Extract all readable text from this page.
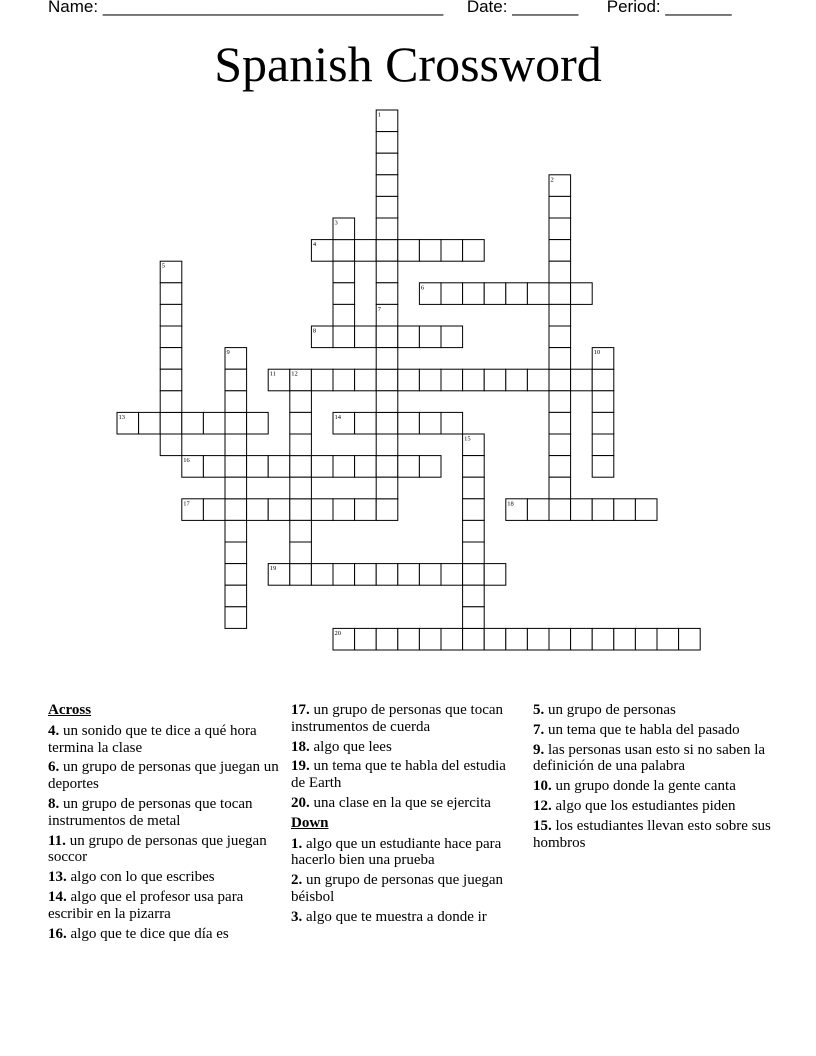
Name: ____________________________________ Date: _______ Period: _______
Spanish Crossword
4
6
8
11
13	14
16
17	18
19
20
1
2
3
5
7
9	10
12
15
Across
4. un sonido que te dice a qué hora termina la clase
6. un grupo de personas que juegan un deportes
8. un grupo de personas que tocan instrumentos de metal
11. un grupo de personas que juegan soccor
13. algo con lo que escribes
14. algo que el profesor usa para escribir en la pizarra
16. algo que te dice que día es
17. un grupo de personas que tocan instrumentos de cuerda
18. algo que lees
19. un tema que te habla del estudia de Earth
20. una clase en la que se ejercita
Down
1. algo que un estudiante hace para hacerlo bien una prueba
2. un grupo de personas que juegan béisbol
3. algo que te muestra a donde ir
5. un grupo de personas
7. un tema que te habla del pasado
9. las personas usan esto si no saben la definición de una palabra
10. un grupo donde la gente canta
12. algo que los estudiantes piden
15. los estudiantes llevan esto sobre sus hombros
